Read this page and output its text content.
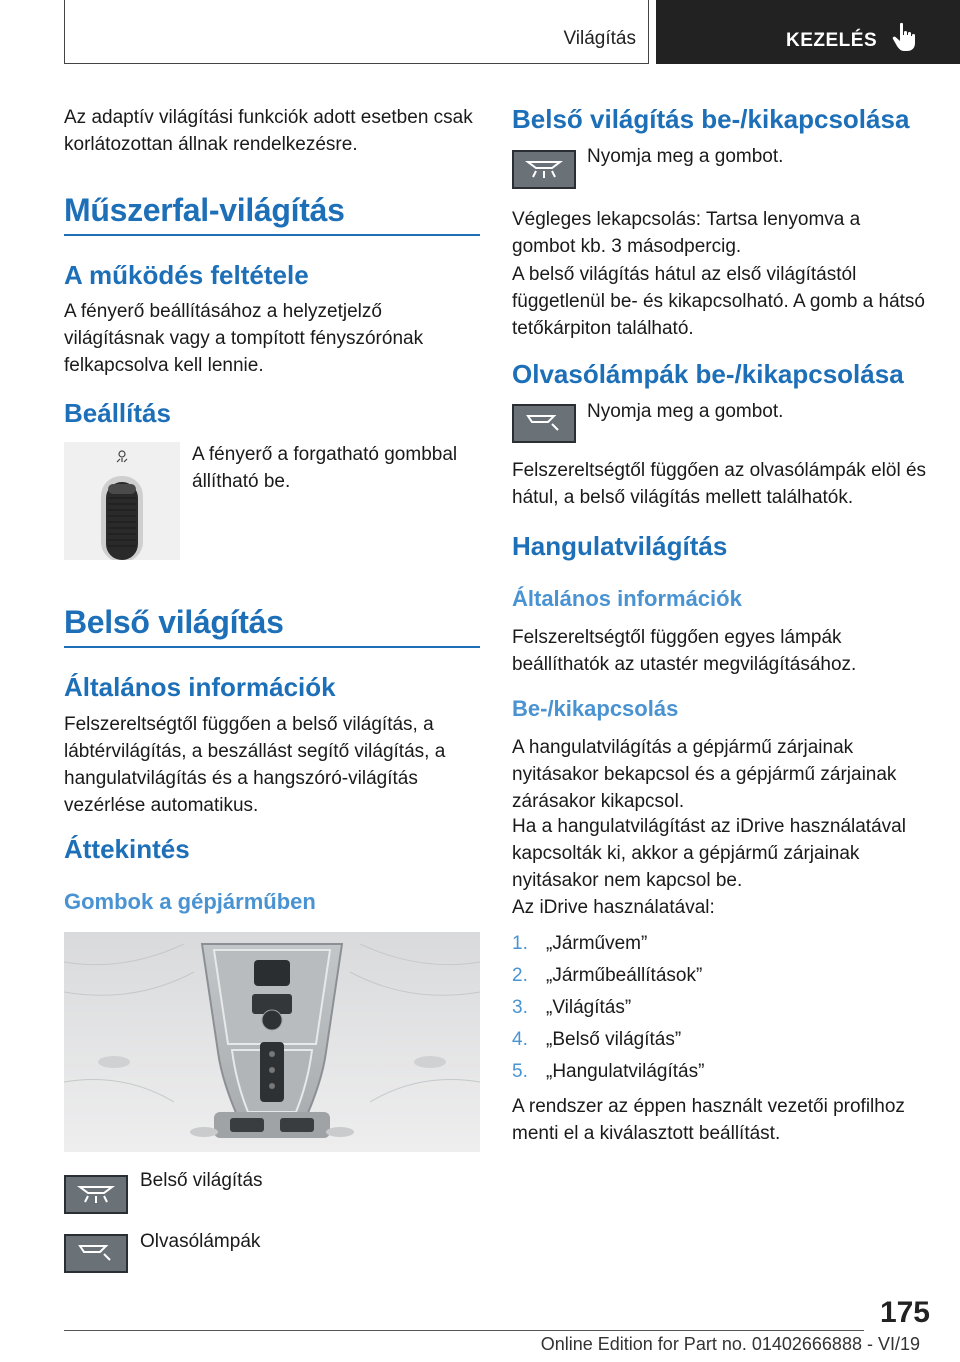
Világítás	KEZELÉS

Az adaptív világítási funkciók adott esetben csak korlátozottan állnak rendelkezésre.

Műszerfal-világítás
A működés feltétele

A fényerő beállításához a helyzetjelző világításnak vagy a tompított fényszórónak felkapcsolva kell lennie.

Beállítás

A fényerő a forgatható gombbal állítható be.

Belső világítás
Általános információk

Felszereltségtől függően a belső világítás, a lábtérvilágítás, a beszállást segítő világítás, a hangulatvilágítás és a hangszóró-világítás vezérlése automatikus.

Áttekintés
Gombok a gépjárműben
Belső világítás
Olvasólámpák
Belső világítás be-/kikapcsolása
Nyomja meg a gombot.

Végleges lekapcsolás: Tartsa lenyomva a gombot kb. 3 másodpercig.

A belső világítás hátul az első világítástól függetlenül be- és kikapcsolható. A gomb a hátsó tetőkárpiton található.

Olvasólámpák be-/kikapcsolása
Nyomja meg a gombot.

Felszereltségtől függően az olvasólámpák elöl és hátul, a belső világítás mellett találhatók.

Hangulatvilágítás
Általános információk

Felszereltségtől függően egyes lámpák beállíthatók az utastér megvilágításához.

Be-/kikapcsolás

A hangulatvilágítás a gépjármű zárjainak nyitásakor bekapcsol és a gépjármű zárjainak zárásakor kikapcsol.

Ha a hangulatvilágítást az iDrive használatával kapcsolták ki, akkor a gépjármű zárjainak nyitásakor nem kapcsol be.

Az iDrive használatával:

1. „Járművem”
2. „Járműbeállítások”
3. „Világítás”
4. „Belső világítás”
5. „Hangulatvilágítás”

A rendszer az éppen használt vezetői profilhoz menti el a kiválasztott beállítást.

175
Online Edition for Part no. 01402666888 - VI/19
